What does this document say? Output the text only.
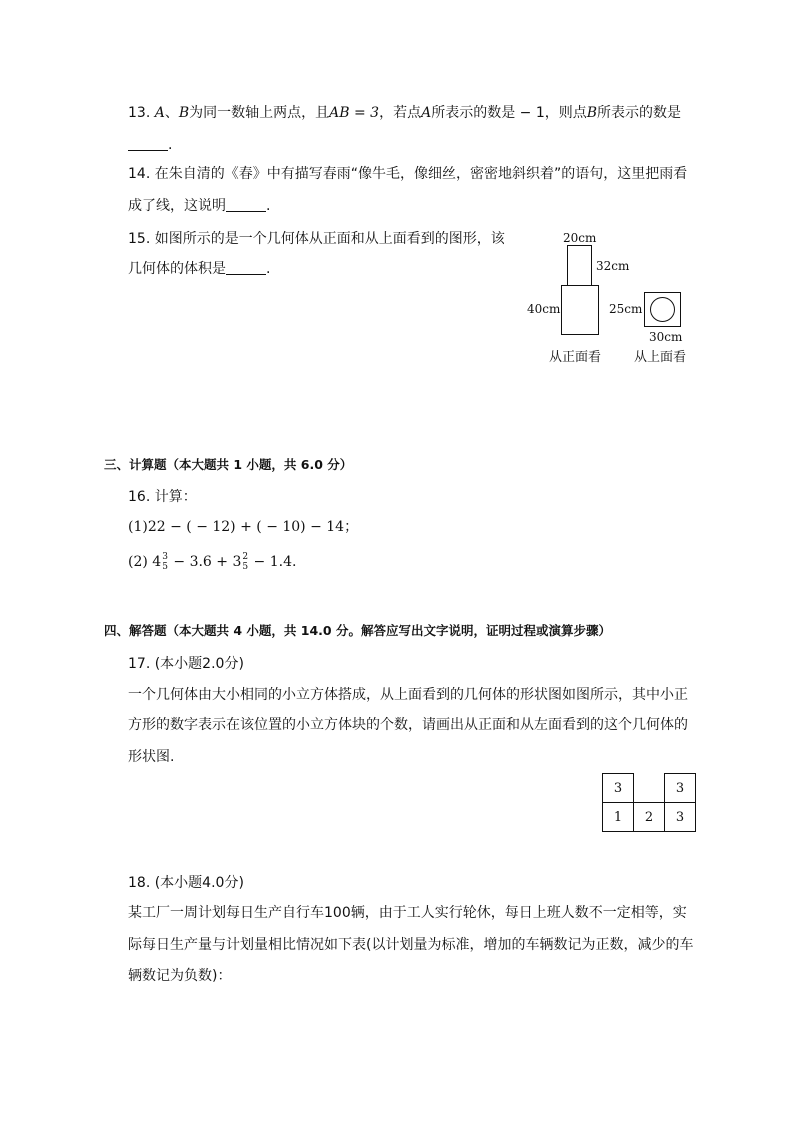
13. A、B为同一数轴上两点，且AB = 3，若点A所表示的数是 − 1，则点B所表示的数是
.
14. 在朱自清的《春》中有描写春雨“像牛毛，像细丝，密密地斜织着”的语句，这里把雨看
成了线，这说明	.
15. 如图所示的是一个几何体从正面和从上面看到的图形，该
几何体的体积是	.
20cm
32cm
40cm	25cm
30cm
从正面看	从上面看
三、计算题（本大题共 1 小题，共 6.0 分）
16. 计算：
(1)22 − ( − 12) + ( − 10) − 14；
(2) 4 3
5 − 3.6 + 3 2
5 − 1.4.
四、解答题（本大题共 4 小题，共 14.0 分。解答应写出文字说明，证明过程或演算步骤）
17. (本小题2.0分)
一个几何体由大小相同的小立方体搭成，从上面看到的几何体的形状图如图所示，其中小正
方形的数字表示在该位置的小立方体块的个数，请画出从正面和从左面看到的这个几何体的
形状图.
3		3
1	2	3
18. (本小题4.0分)
某工厂一周计划每日生产自行车100辆，由于工人实行轮休，每日上班人数不一定相等，实
际每日生产量与计划量相比情况如下表(以计划量为标准，增加的车辆数记为正数，减少的车
辆数记为负数)：
